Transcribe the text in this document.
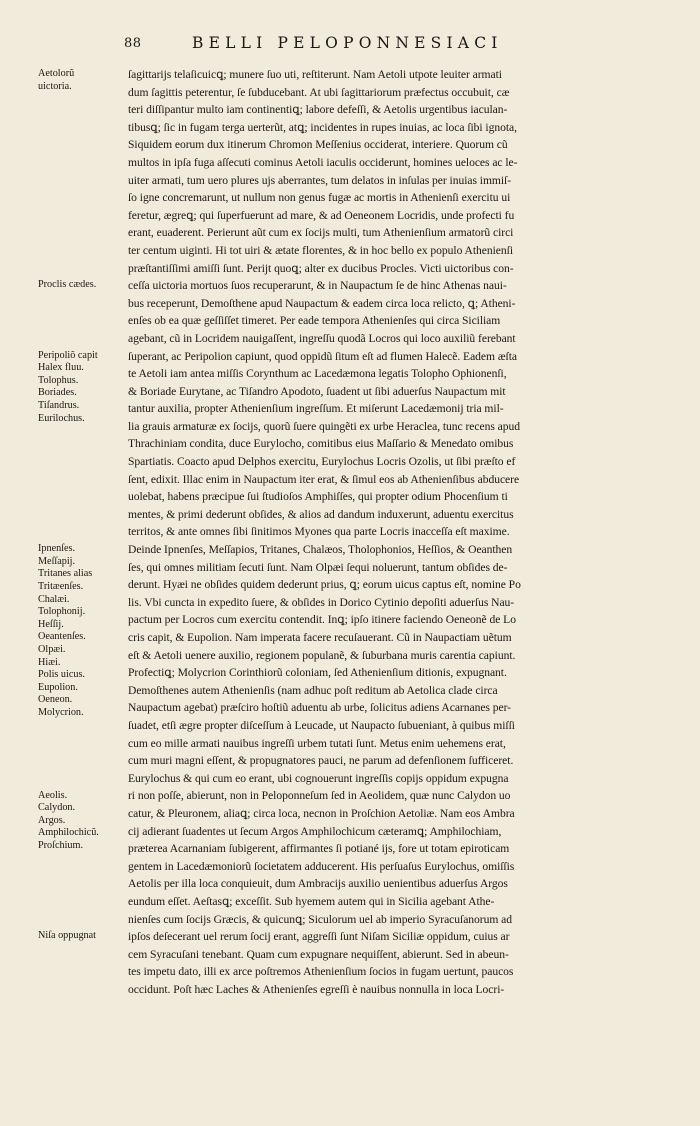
88	BELLI PELOPONNESIACI
Aetolorũ
uictoria.
Proclis cædes.
Peripoliõ capit
Halex fluu.
Tolophus.
Boriades.
Tiſandrus.
Eurilochus.
Ipnenſes.
Meſſapij.
Tritanes alias
Tritæenſes.
Chalæi.
Tolophonij.
Heſſij.
Oeantenſes.
Olpæi.
Hiæi.
Polis uicus.
Eupolion.
Oeneon.
Molycrion.
Aeolis.
Calydon.
Argos.
Amphilochicũ.
Proſchium.
Niſa oppugnat
ſagittarijs telaſicuicꝗ; munere ſuo uti, reſtiterunt. Nam Aetoli utpote leuiter armati
dum ſagittis peterentur, ſe ſubducebant. At ubi ſagittariorum præfectus occubuit, cæ
teri diſſipantur multo iam continentiꝗ; labore defeſſi, & Aetolis urgentibus iaculan-
tibusꝗ; ſic in fugam terga uerterũt, atꝗ; incidentes in rupes inuias, ac loca ſibi ignota,
Siquidem eorum dux itinerum Chromon Meſſenius occiderat, interiere. Quorum cũ
multos in ipſa fuga aſſecuti cominus Aetoli iaculis occiderunt, homines ueloces ac le-
uiter armati, tum uero plures ujs aberrantes, tum delatos in inſulas per inuias immiſ-
ſo igne concremarunt, ut nullum non genus fugæ ac mortis in Athenienſi exercitu ui
feretur, ægreꝗ; qui ſuperfuerunt ad mare, & ad Oeneonem Locridis, unde profecti fu
erant, euaderent. Perierunt aũt cum ex ſocijs multi, tum Athenienſium armatorũ circi
ter centum uiginti. Hi tot uiri & ætate florentes, & in hoc bello ex populo Athenienſi
præſtantiſſimi amiſſi ſunt. Perijt quoꝗ; alter ex ducibus Procles. Victi uictoribus con-
ceſſa uictoria mortuos ſuos recuperarunt, & in Naupactum ſe de hinc Athenas naui-
bus receperunt, Demoſthene apud Naupactum & eadem circa loca relicto, ꝗ; Atheni-
enſes ob ea quæ geſſiſſet timeret. Per eade tempora Athenienſes qui circa Siciliam
agebant, cũ in Locridem nauigaſſent, ingreſſu quodã Locros qui loco auxiliũ ferebant
ſuperant, ac Peripolion capiunt, quod oppidũ ſitum eſt ad flumen Halecẽ. Eadem æſta
te Aetoli iam antea miſſis Corynthum ac Lacedæmona legatis Tolopho Ophionenſi,
& Boriade Eurytane, ac Tiſandro Apodoto, ſuadent ut ſibi aduerſus Naupactum mit
tantur auxilia, propter Athenienſium ingreſſum. Et miſerunt Lacedæmonij tria mil-
lia grauis armaturæ ex ſocijs, quorũ ſuere quingẽti ex urbe Heraclea, tunc recens apud
Thrachiniam condita, duce Eurylocho, comitibus eius Maſſario & Menedato omibus
Spartiatis. Coacto apud Delphos exercitu, Eurylochus Locris Ozolis, ut ſibi præſto ef
ſent, edixit. Illac enim in Naupactum iter erat, & ſimul eos ab Athenienſibus abducere
uolebat, habens præcipue ſui ſtudioſos Amphiſſes, qui propter odium Phocenſium ti
mentes, & primi dederunt obſides, & alios ad dandum induxerunt, aduentu exercitus
territos, & ante omnes ſibi ſinitimos Myones qua parte Locris inacceſſa eſt maxime.
Deinde Ipnenſes, Meſſapios, Tritanes, Chalæos, Tholophonios, Heſſios, & Oeanthen
ſes, qui omnes militiam ſecuti ſunt. Nam Olpæi ſequi noluerunt, tantum obſides de-
derunt. Hyæi ne obſides quidem dederunt prius, ꝗ; eorum uicus captus eſt, nomine Po
lis. Vbi cuncta in expedito ſuere, & obſides in Dorico Cytinio depoſiti aduerſus Nau-
pactum per Locros cum exercitu contendit. Inꝗ; ipſo itinere faciendo Oeneonẽ de Lo
cris capit, & Eupolion. Nam imperata facere recuſauerant. Cũ in Naupactiam uẽtum
eſt & Aetoli uenere auxilio, regionem populanẽ, & ſuburbana muris carentia capiunt.
Profectiꝗ; Molycrion Corinthiorũ coloniam, ſed Athenienſium ditionis, expugnant.
Demoſthenes autem Athenienſis (nam adhuc poſt reditum ab Aetolica clade circa
Naupactum agebat) præſciro hoſtiũ aduentu ab urbe, ſolicitus adiens Acarnanes per-
ſuadet, etſi ægre propter diſceſſum à Leucade, ut Naupacto ſubueniant, à quibus miſſi
cum eo mille armati nauibus ingreſſi urbem tutati ſunt. Metus enim uehemens erat,
cum muri magni eſſent, & propugnatores pauci, ne parum ad defenſionem ſufficeret.
Eurylochus & qui cum eo erant, ubi cognouerunt ingreſſis copijs oppidum expugna
ri non poſſe, abierunt, non in Peloponneſum ſed in Aeolidem, quæ nunc Calydon uo
catur, & Pleuronem, aliaꝗ; circa loca, necnon in Proſchion Aetoliæ. Nam eos Ambra
cij adierant ſuadentes ut ſecum Argos Amphilochicum cæteramꝗ; Amphilochiam,
præterea Acarnaniam ſubigerent, affirmantes ſi potiané ijs, fore ut totam epiroticam
gentem in Lacedæmoniorũ ſocietatem adducerent. His perſuaſus Eurylochus, omiſſis
Aetolis per illa loca conquieuit, dum Ambracijs auxilio uenientibus aduerſus Argos
eundum eſſet. Aeſtasꝗ; exceſſit. Sub hyemem autem qui in Sicilia agebant Athe-
nienſes cum ſocijs Græcis, & quicunꝗ; Siculorum uel ab imperio Syracuſanorum ad
ipſos deſecerant uel rerum ſocij erant, aggreſſi ſunt Niſam Siciliæ oppidum, cuius ar
cem Syracuſani tenebant. Quam cum expugnare nequiſſent, abierunt. Sed in abeun-
tes impetu dato, illi ex arce poſtremos Athenienſium ſocios in fugam uertunt, paucos
occidunt. Poſt hæc Laches & Athenienſes egreſſi è nauibus nonnulla in loca Locri-
